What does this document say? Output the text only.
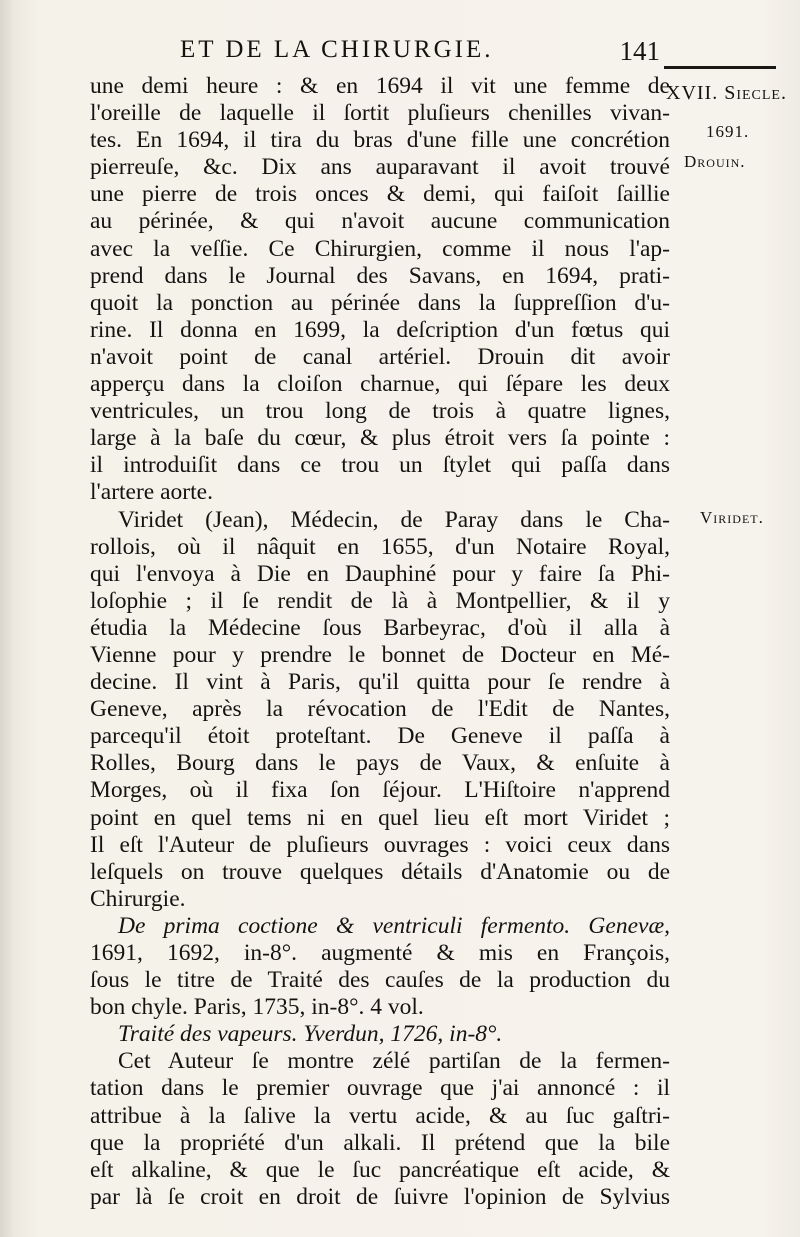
ET DE LA CHIRURGIE.	141
XVII. Siecle.
1691.
Drouin.
Viridet.
une demi heure : & en 1694 il vit une femme de
l'oreille de laquelle il ſortit pluſieurs chenilles vivan-
tes. En 1694, il tira du bras d'une fille une concrétion
pierreuſe, &c. Dix ans auparavant il avoit trouvé
une pierre de trois onces & demi, qui faiſoit ſaillie
au périnée, & qui n'avoit aucune communication
avec la veſſie. Ce Chirurgien, comme il nous l'ap-
prend dans le Journal des Savans, en 1694, prati-
quoit la ponction au périnée dans la ſuppreſſion d'u-
rine. Il donna en 1699, la deſcription d'un fœtus qui
n'avoit point de canal artériel. Drouin dit avoir
apperçu dans la cloiſon charnue, qui ſépare les deux
ventricules, un trou long de trois à quatre lignes,
large à la baſe du cœur, & plus étroit vers ſa pointe :
il introduiſit dans ce trou un ſtylet qui paſſa dans
l'artere aorte.
Viridet (Jean), Médecin, de Paray dans le Cha-
rollois, où il nâquit en 1655, d'un Notaire Royal,
qui l'envoya à Die en Dauphiné pour y faire ſa Phi-
loſophie ; il ſe rendit de là à Montpellier, & il y
étudia la Médecine ſous Barbeyrac, d'où il alla à
Vienne pour y prendre le bonnet de Docteur en Mé-
decine. Il vint à Paris, qu'il quitta pour ſe rendre à
Geneve, après la révocation de l'Edit de Nantes,
parcequ'il étoit proteſtant. De Geneve il paſſa à
Rolles, Bourg dans le pays de Vaux, & enſuite à
Morges, où il fixa ſon ſéjour. L'Hiſtoire n'apprend
point en quel tems ni en quel lieu eſt mort Viridet ;
Il eſt l'Auteur de pluſieurs ouvrages : voici ceux dans
leſquels on trouve quelques détails d'Anatomie ou de
Chirurgie.
De prima coctione & ventriculi fermento. Genevæ,
1691, 1692, in-8°. augmenté & mis en François,
ſous le titre de Traité des cauſes de la production du
bon chyle. Paris, 1735, in-8°. 4 vol.
Traité des vapeurs. Yverdun, 1726, in-8°.
Cet Auteur ſe montre zélé partiſan de la fermen-
tation dans le premier ouvrage que j'ai annoncé : il
attribue à la ſalive la vertu acide, & au ſuc gaſtri-
que la propriété d'un alkali. Il prétend que la bile
eſt alkaline, & que le ſuc pancréatique eſt acide, &
par là ſe croit en droit de ſuivre l'opinion de Sylvius
